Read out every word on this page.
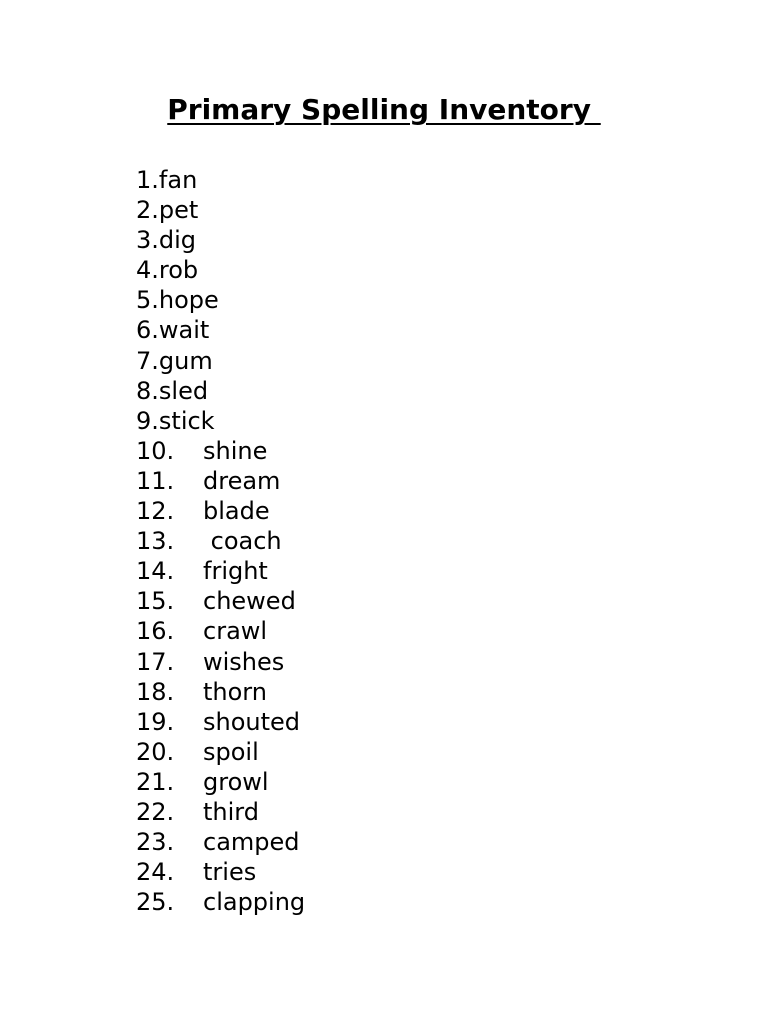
Primary Spelling Inventory
1. fan
2. pet
3. dig
4. rob
5. hope
6. wait
7. gum
8. sled
9. stick
10.	shine
11.	dream
12.	blade
13.	coach
14.	fright
15.	chewed
16.	crawl
17.	wishes
18.	thorn
19.	shouted
20.	spoil
21.	growl
22.	third
23.	camped
24.	tries
25.	clapping
